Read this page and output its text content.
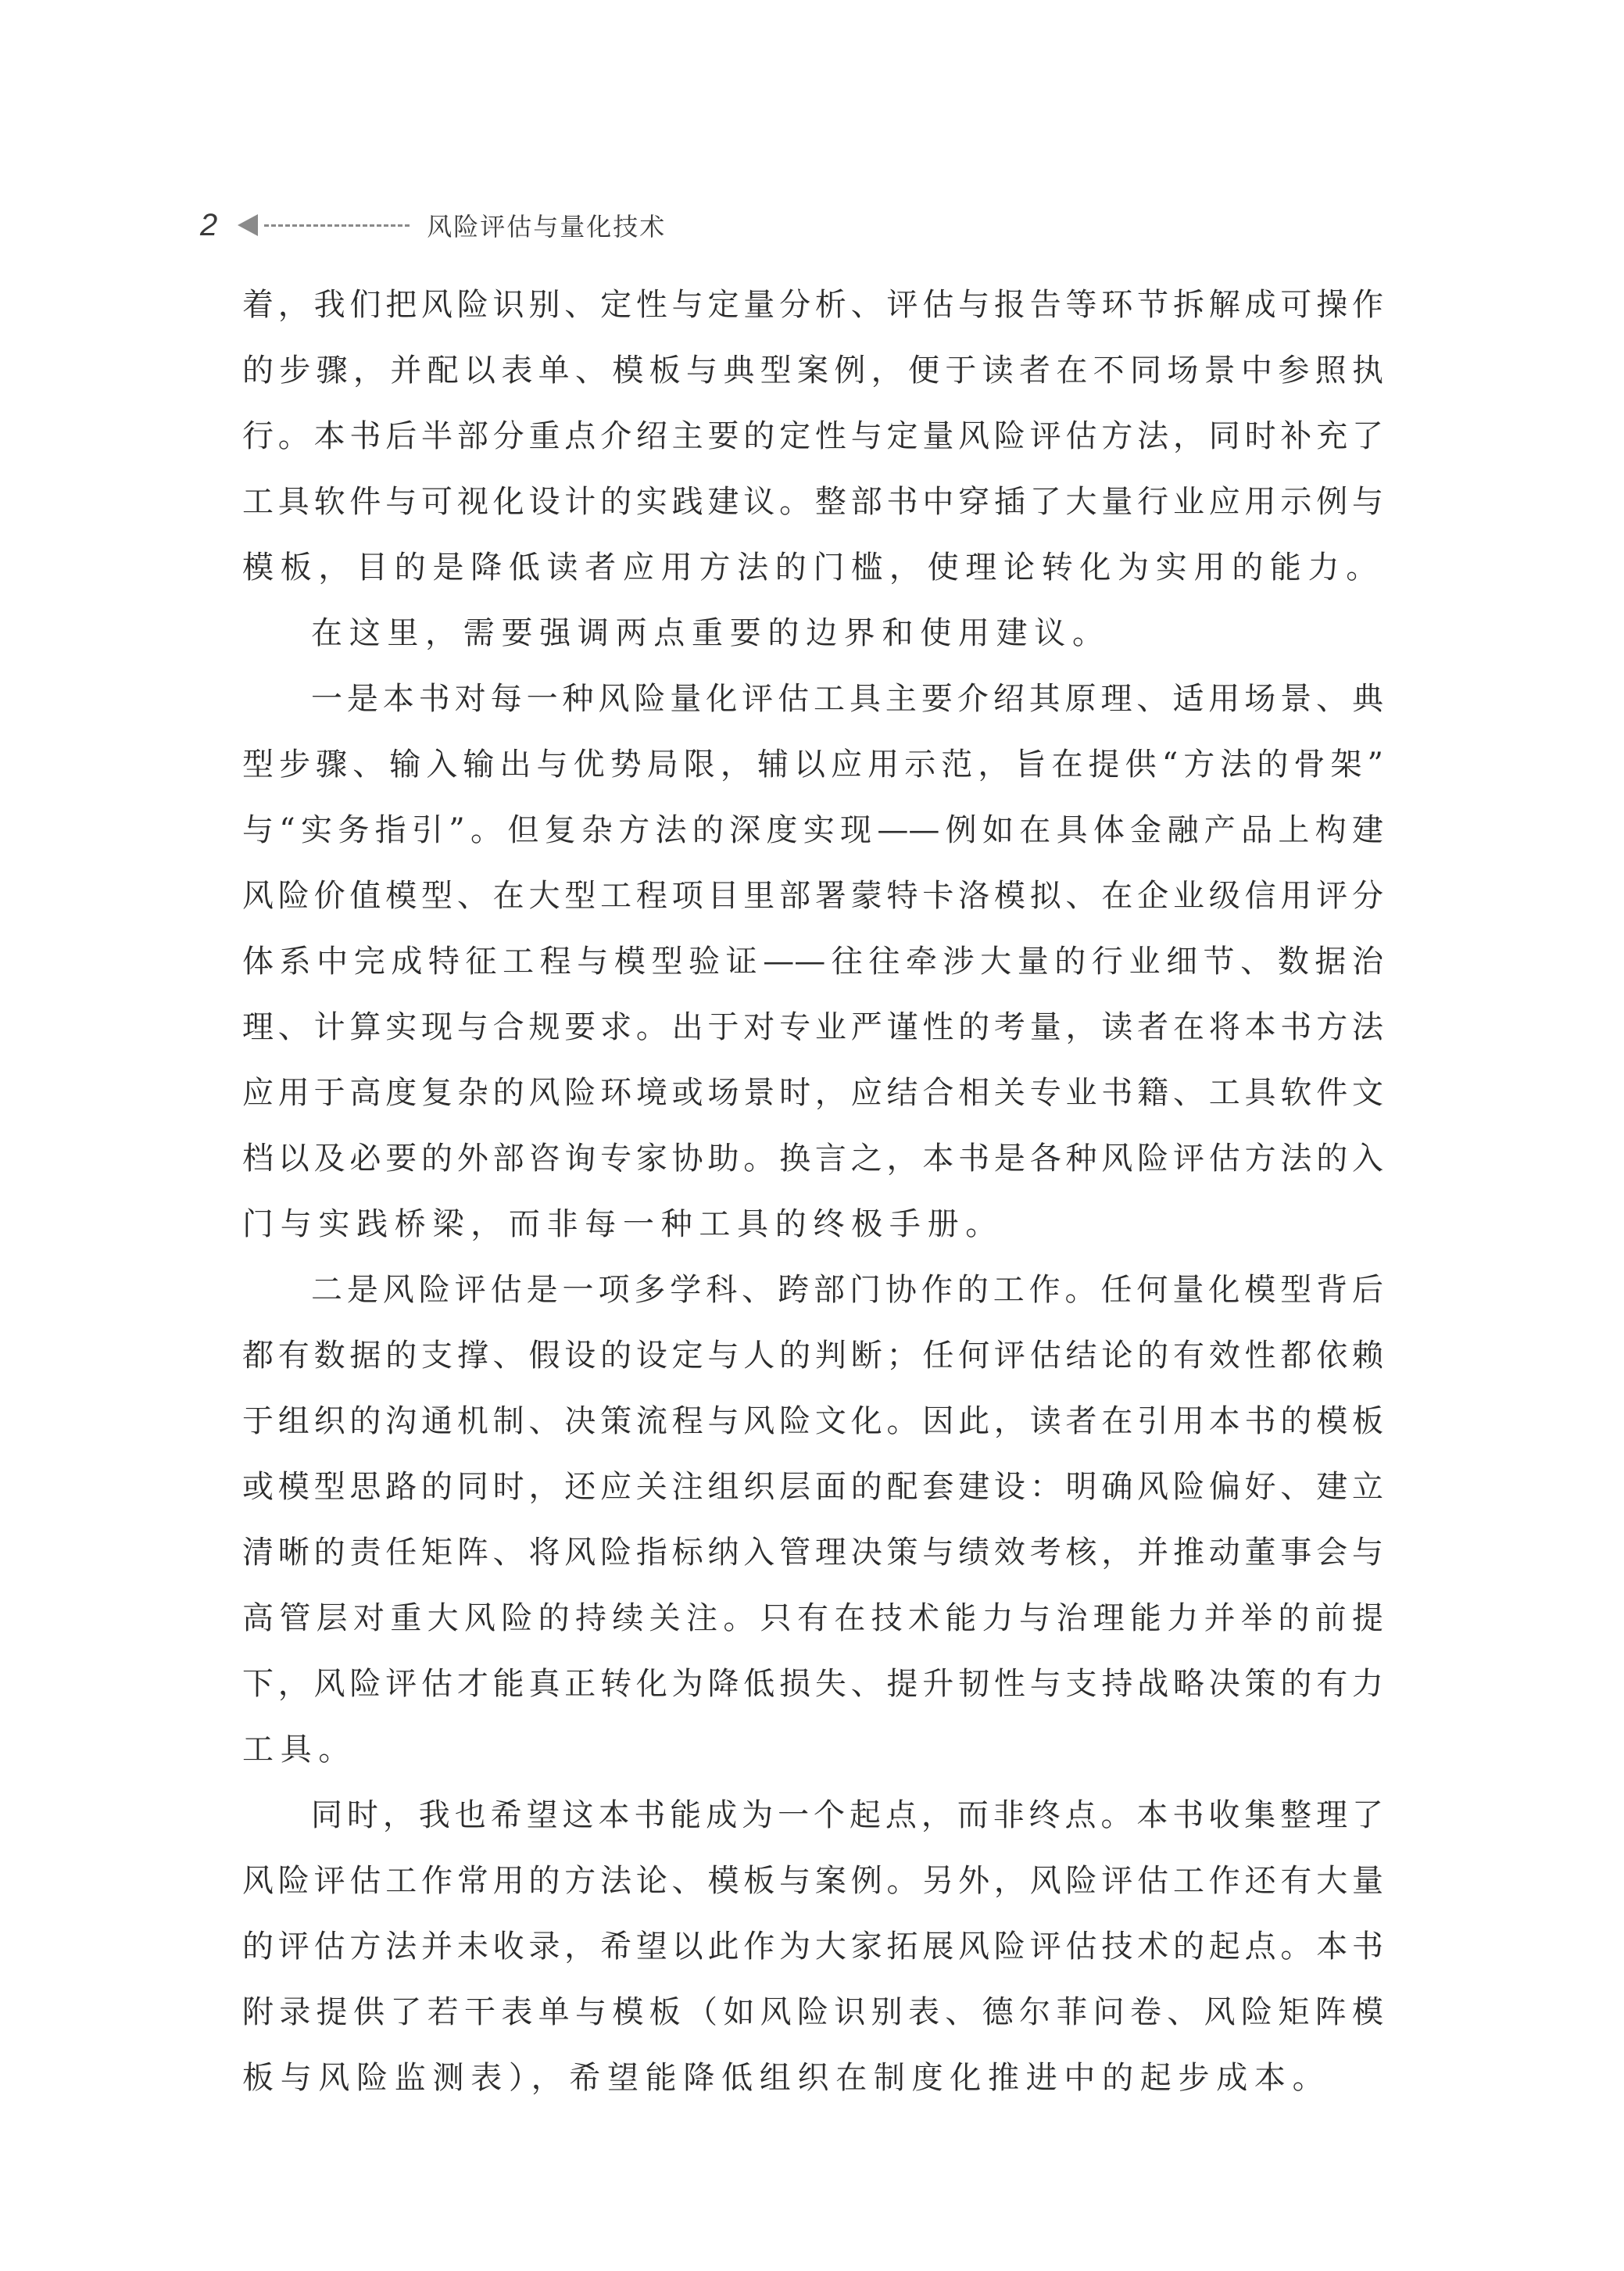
2	风险评估与量化技术
着，我们把风险识别、定性与定量分析、评估与报告等环节拆解成可操作
的步骤，并配以表单、模板与典型案例，便于读者在不同场景中参照执
行。本书后半部分重点介绍主要的定性与定量风险评估方法，同时补充了
工具软件与可视化设计的实践建议。整部书中穿插了大量行业应用示例与
模板，目的是降低读者应用方法的门槛，使理论转化为实用的能力。
在这里，需要强调两点重要的边界和使用建议。
一是本书对每一种风险量化评估工具主要介绍其原理、适用场景、典
型步骤、输入输出与优势局限，辅以应用示范，旨在提供“方法的骨架”
与“实务指引”。但复杂方法的深度实现——例如在具体金融产品上构建
风险价值模型、在大型工程项目里部署蒙特卡洛模拟、在企业级信用评分
体系中完成特征工程与模型验证——往往牵涉大量的行业细节、数据治
理、计算实现与合规要求。出于对专业严谨性的考量，读者在将本书方法
应用于高度复杂的风险环境或场景时，应结合相关专业书籍、工具软件文
档以及必要的外部咨询专家协助。换言之，本书是各种风险评估方法的入
门与实践桥梁，而非每一种工具的终极手册。
二是风险评估是一项多学科、跨部门协作的工作。任何量化模型背后
都有数据的支撑、假设的设定与人的判断；任何评估结论的有效性都依赖
于组织的沟通机制、决策流程与风险文化。因此，读者在引用本书的模板
或模型思路的同时，还应关注组织层面的配套建设：明确风险偏好、建立
清晰的责任矩阵、将风险指标纳入管理决策与绩效考核，并推动董事会与
高管层对重大风险的持续关注。只有在技术能力与治理能力并举的前提
下，风险评估才能真正转化为降低损失、提升韧性与支持战略决策的有力
工具。
同时，我也希望这本书能成为一个起点，而非终点。本书收集整理了
风险评估工作常用的方法论、模板与案例。另外，风险评估工作还有大量
的评估方法并未收录，希望以此作为大家拓展风险评估技术的起点。本书
附录提供了若干表单与模板（如风险识别表、德尔菲问卷、风险矩阵模
板与风险监测表），希望能降低组织在制度化推进中的起步成本。
